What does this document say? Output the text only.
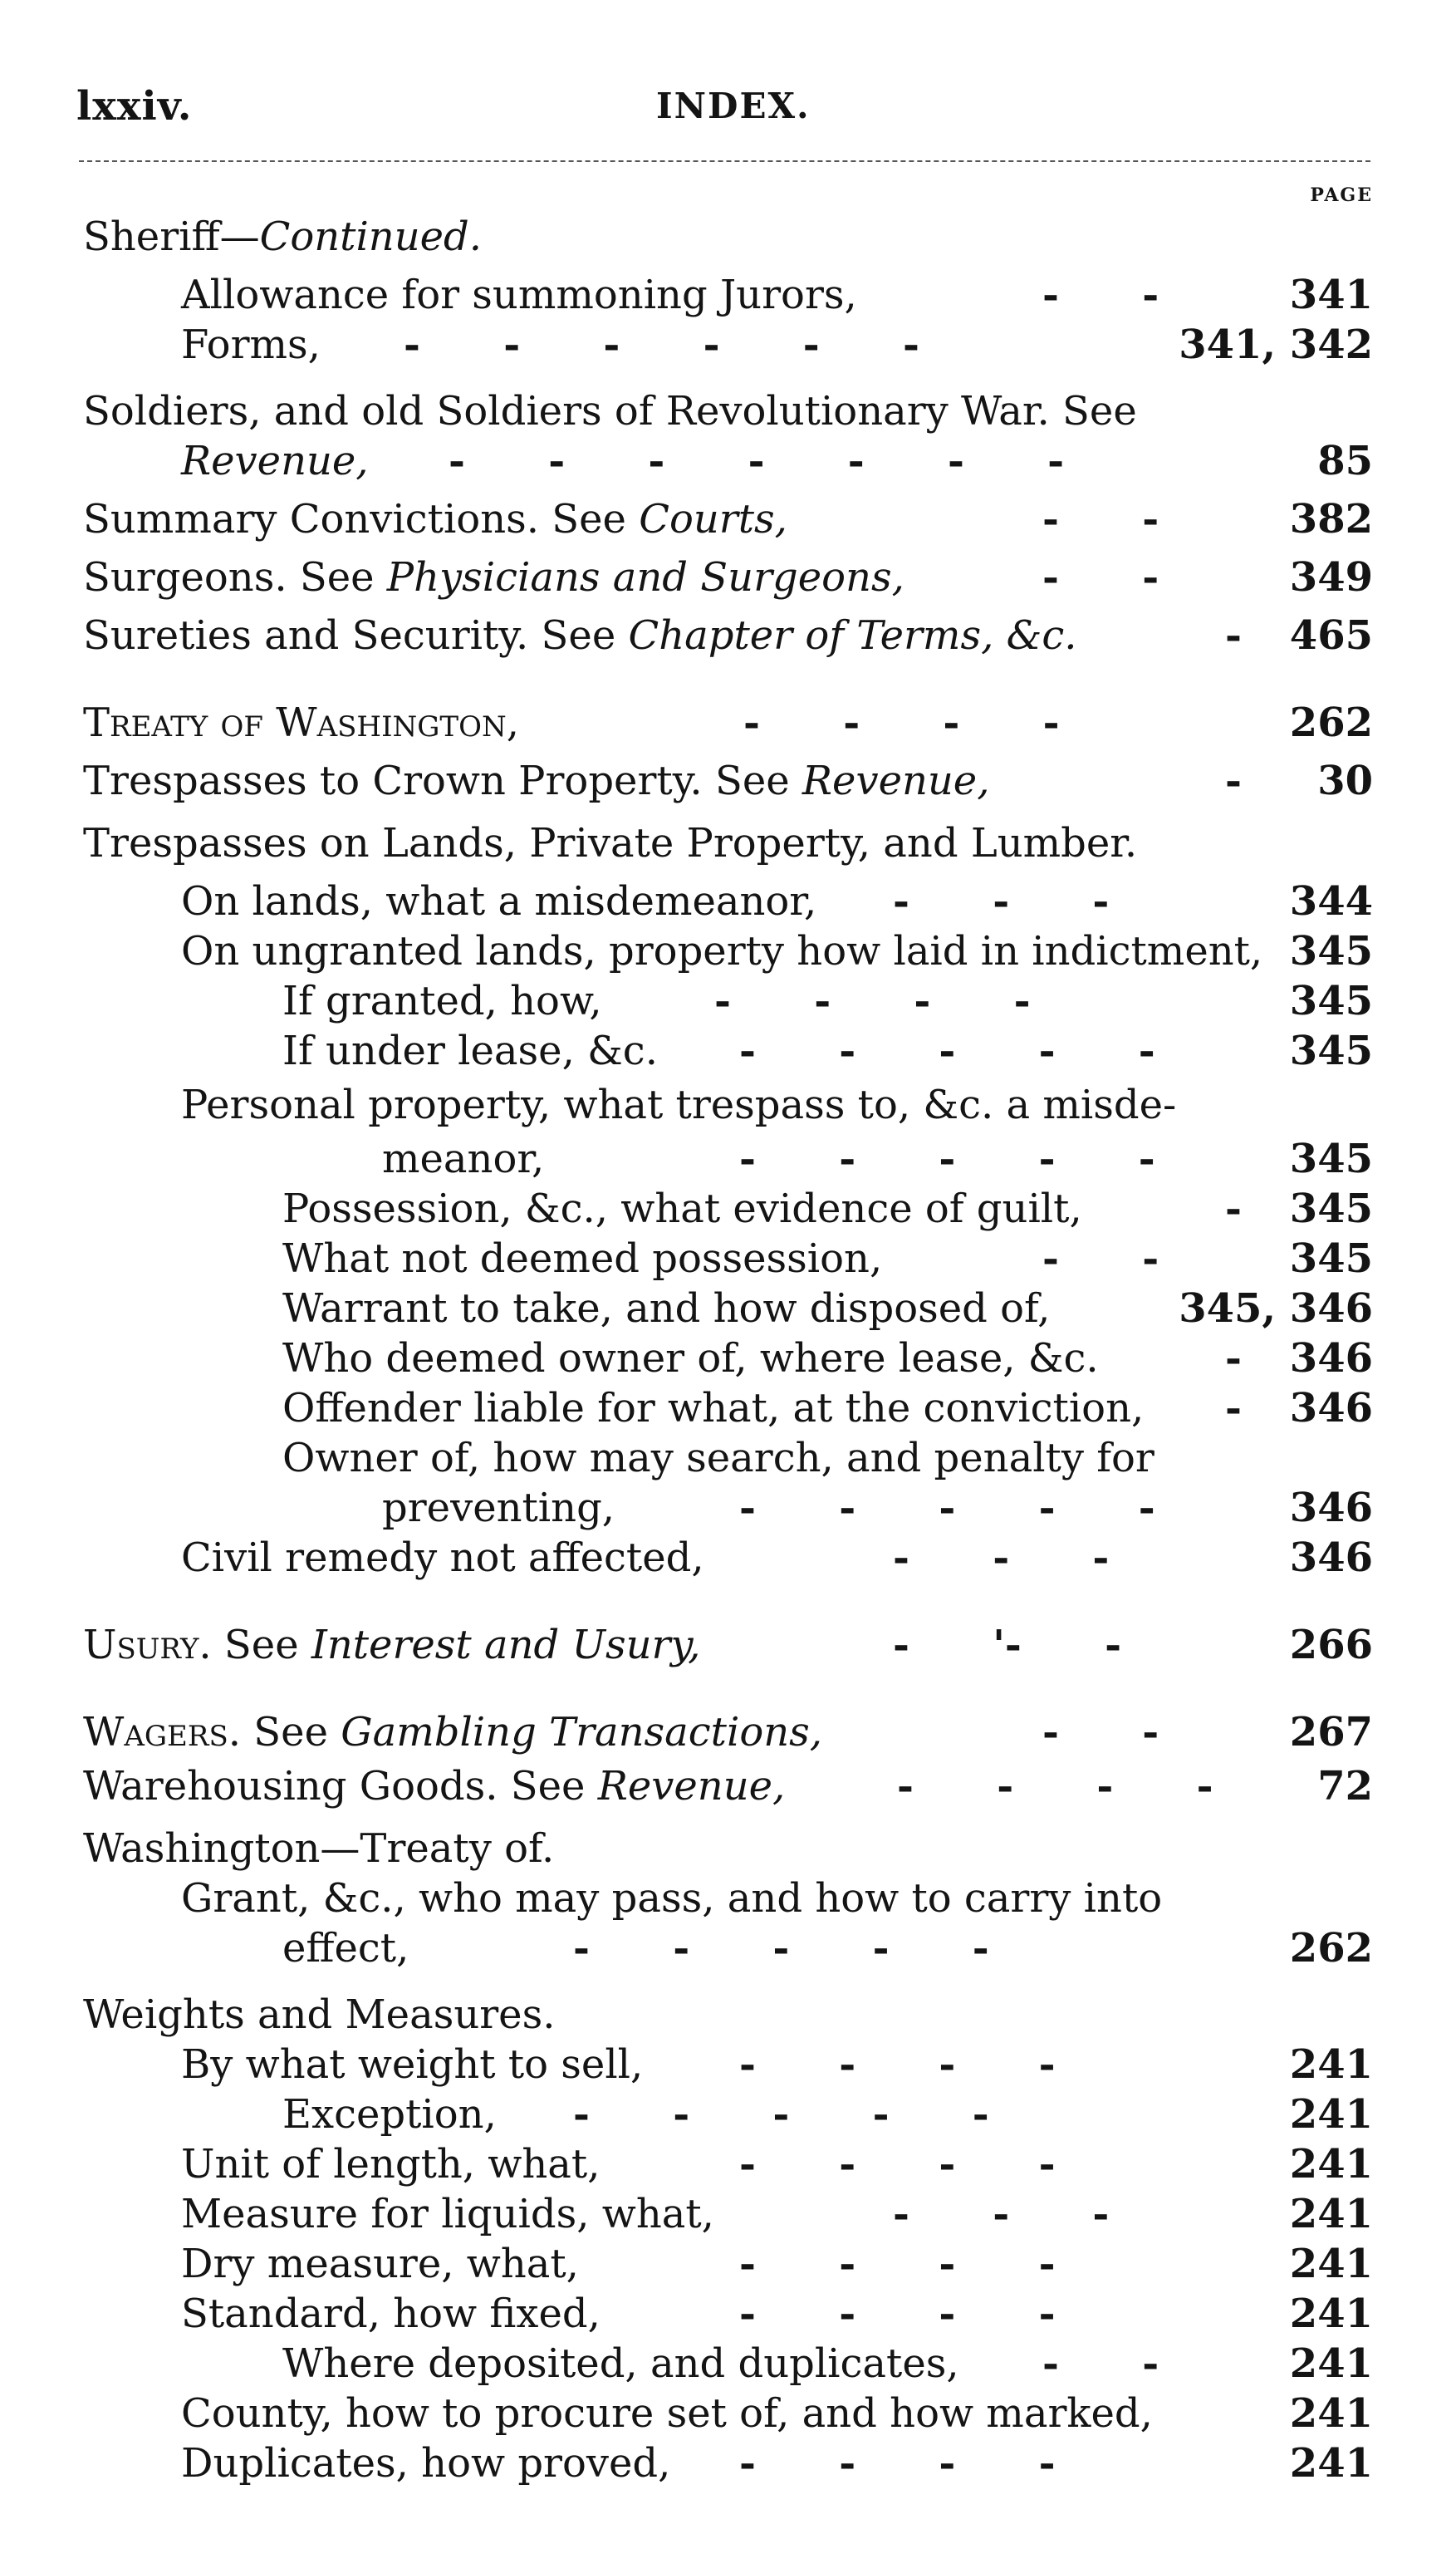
lxxiv.	INDEX.
PAGE
Sheriff—Continued.
Allowance for summoning Jurors,	-      -	341
Forms, -      -      -      -      -      -	341, 342
Soldiers, and old Soldiers of Revolutionary War. See
Revenue, -      -      -      -      -      -      -	85
Summary Convictions. See Courts,	-      -	382
Surgeons. See Physicians and Surgeons,	-      -	349
Sureties and Security. See Chapter of Terms, &c.	- 465
Treaty of Washington,	-      -      -      -	262
Trespasses to Crown Property. See Revenue,	- 30
Trespasses on Lands, Private Property, and Lumber.
On lands, what a misdemeanor, -      -      -	344
On ungranted lands, property how laid in indictment, 345
If granted, how,	-      -      -      -	345
If under lease, &c. -      -      -      -      -	345
Personal property, what trespass to, &c. a misde-
meanor,	-      -      -      -      -	345
Possession, &c., what evidence of guilt,	- 345
What not deemed possession,	-      -	345
Warrant to take, and how disposed of,	345, 346
Who deemed owner of, where lease, &c.	- 346
Offender liable for what, at the conviction, - 346
Owner of, how may search, and penalty for
preventing,	-      -      -      -      -	346
Civil remedy not affected,	-      -      -	346
Usury. See Interest and Usury,	-      '-      -	266
Wagers. See Gambling Transactions,	-      -	267
Warehousing Goods. See Revenue,	-      -      -      -	72
Washington—Treaty of.
Grant, &c., who may pass, and how to carry into
effect,	-      -      -      -      -	262
Weights and Measures.
By what weight to sell, -      -      -      -	241
Exception, -      -      -      -      -	241
Unit of length, what,	-      -      -      -	241
Measure for liquids, what,	-      -      -	241
Dry measure, what,	-      -      -      -	241
Standard, how fixed,	-      -      -      -	241
Where deposited, and duplicates, -      -	241
County, how to procure set of, and how marked,	241
Duplicates, how proved, -      -      -      -	241
